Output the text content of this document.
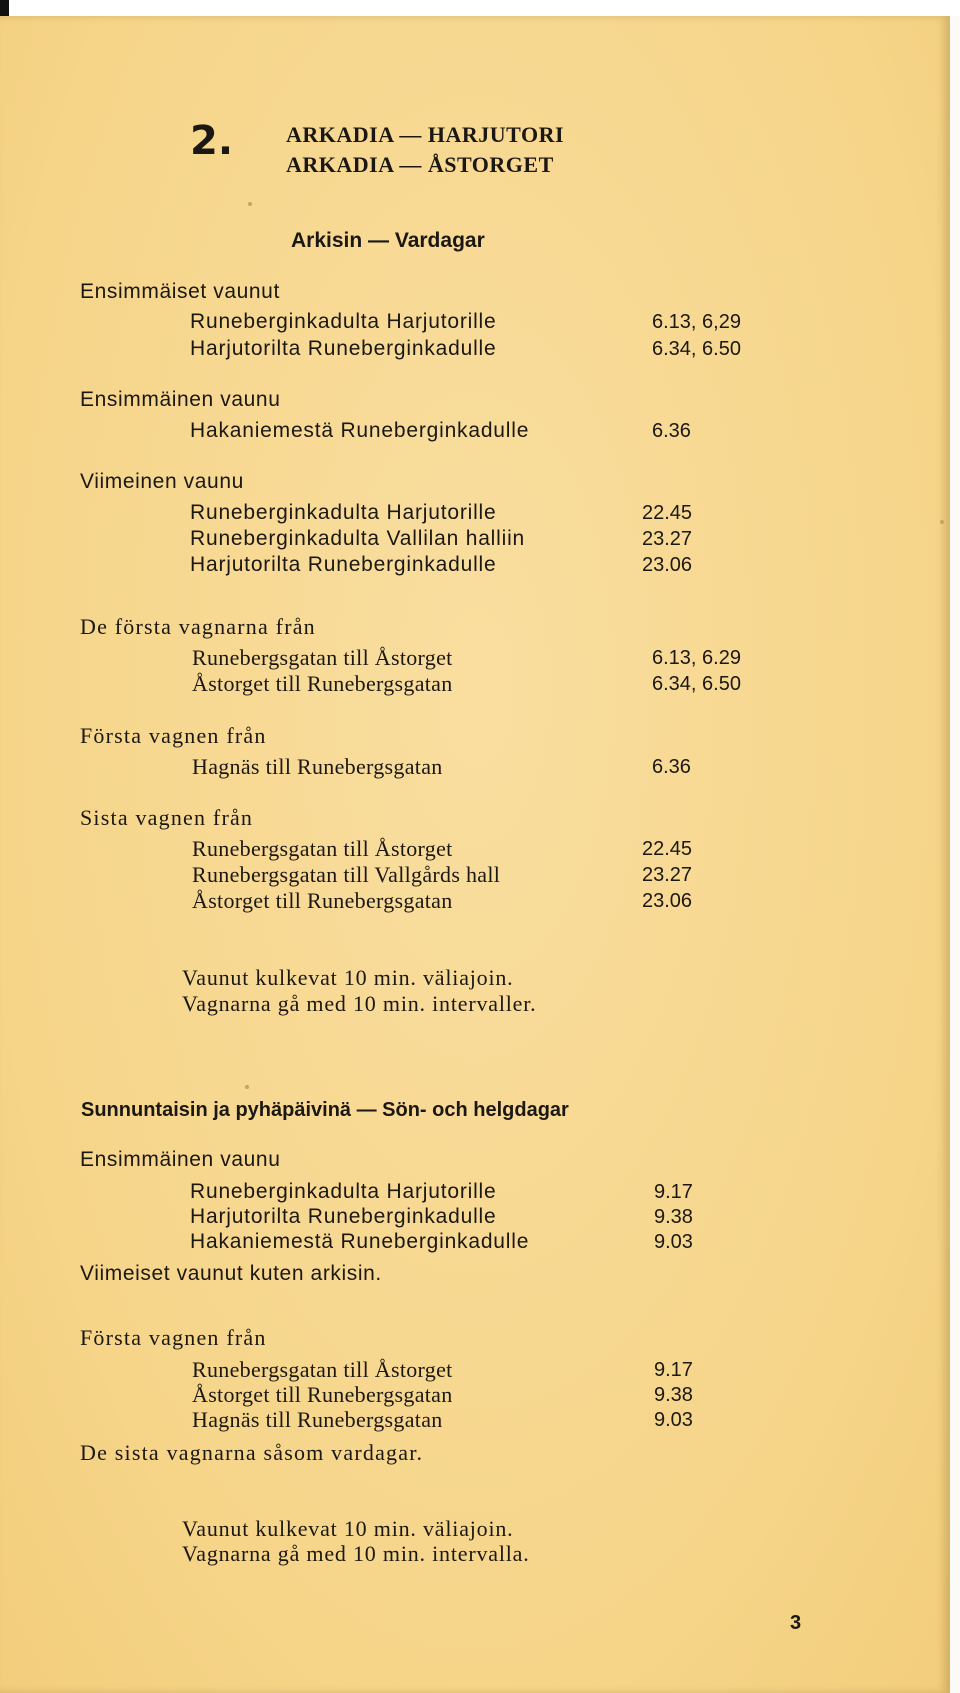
2. ARKADIA — HARJUTORI
ARKADIA — ÅSTORGET
Arkisin — Vardagar
Ensimmäiset vaunut
Runeberginkadulta Harjutorille	6.13, 6,29
Harjutorilta Runeberginkadulle	6.34, 6.50
Ensimmäinen vaunu
Hakaniemestä Runeberginkadulle	6.36
Viimeinen vaunu
Runeberginkadulta Harjutorille	22.45
Runeberginkadulta Vallilan halliin	23.27
Harjutorilta Runeberginkadulle	23.06
De första vagnarna från
Runebergsgatan till Åstorget	6.13, 6.29
Åstorget till Runebergsgatan	6.34, 6.50
Första vagnen från
Hagnäs till Runebergsgatan	6.36
Sista vagnen från
Runebergsgatan till Åstorget	22.45
Runebergsgatan till Vallgårds hall	23.27
Åstorget till Runebergsgatan	23.06
Vaunut kulkevat 10 min. väliajoin.
Vagnarna gå med 10 min. intervaller.
Sunnuntaisin ja pyhäpäivinä — Sön- och helgdagar
Ensimmäinen vaunu
Runeberginkadulta Harjutorille	9.17
Harjutorilta Runeberginkadulle	9.38
Hakaniemestä Runeberginkadulle	9.03
Viimeiset vaunut kuten arkisin.
Första vagnen från
Runebergsgatan till Åstorget	9.17
Åstorget till Runebergsgatan	9.38
Hagnäs till Runebergsgatan	9.03
De sista vagnarna såsom vardagar.
Vaunut kulkevat 10 min. väliajoin.
Vagnarna gå med 10 min. intervalla.
3
